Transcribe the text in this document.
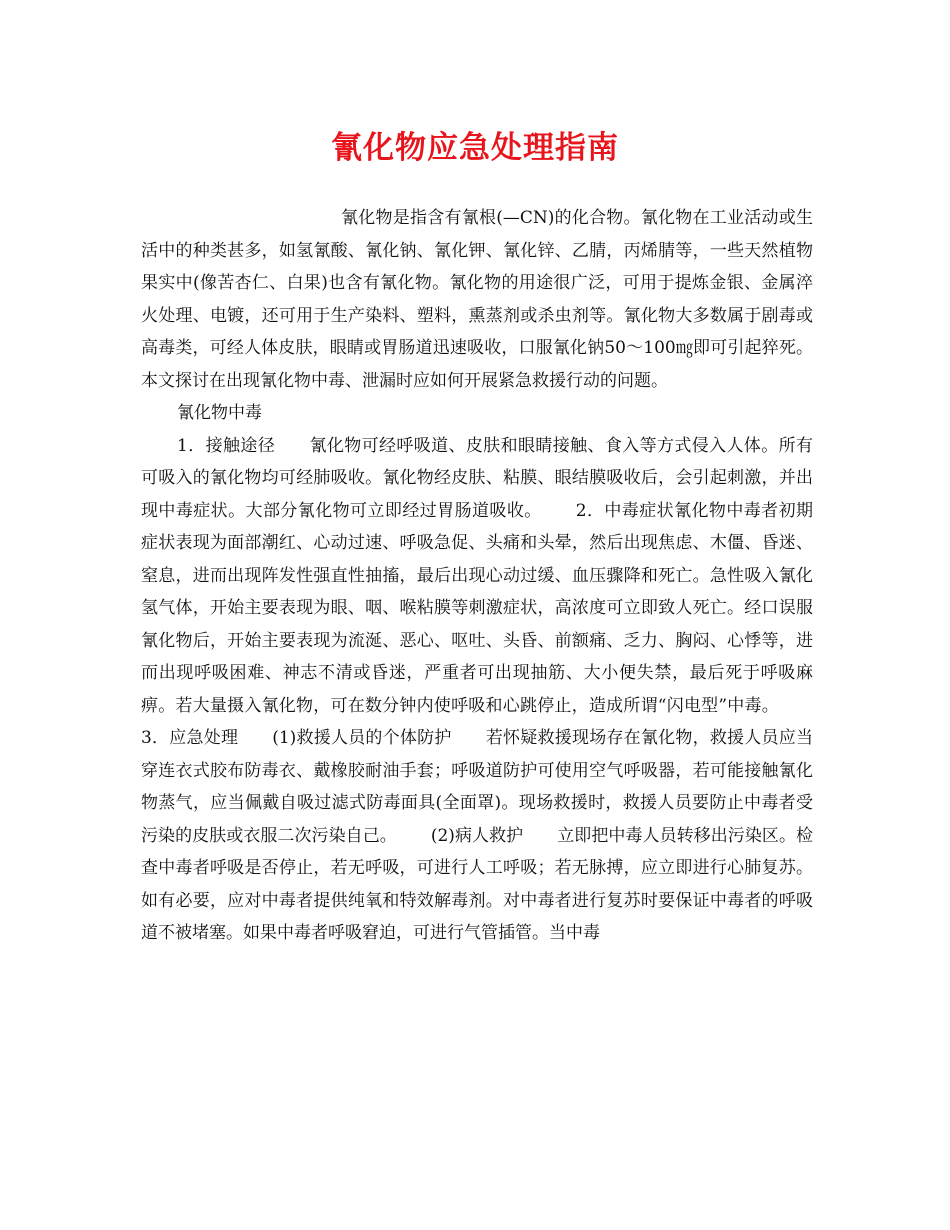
氰化物应急处理指南

氰化物是指含有氰根(—CN)的化合物。氰化物在工业活动或生活中的种类甚多，如氢氰酸、氰化钠、氰化钾、氰化锌、乙腈，丙烯腈等，一些天然植物果实中(像苦杏仁、白果)也含有氰化物。氰化物的用途很广泛，可用于提炼金银、金属淬火处理、电镀，还可用于生产染料、塑料，熏蒸剂或杀虫剂等。氰化物大多数属于剧毒或高毒类，可经人体皮肤，眼睛或胃肠道迅速吸收，口服氰化钠50～100㎎即可引起猝死。本文探讨在出现氰化物中毒、泄漏时应如何开展紧急救援行动的问题。

氰化物中毒

1．接触途径 氰化物可经呼吸道、皮肤和眼睛接触、食入等方式侵入人体。所有可吸入的氰化物均可经肺吸收。氰化物经皮肤、粘膜、眼结膜吸收后，会引起刺激，并出现中毒症状。大部分氰化物可立即经过胃肠道吸收。 2．中毒症状氰化物中毒者初期症状表现为面部潮红、心动过速、呼吸急促、头痛和头晕，然后出现焦虑、木僵、昏迷、窒息，进而出现阵发性强直性抽搐，最后出现心动过缓、血压骤降和死亡。急性吸入氰化氢气体，开始主要表现为眼、咽、喉粘膜等刺激症状，高浓度可立即致人死亡。经口误服氰化物后，开始主要表现为流涎、恶心、呕吐、头昏、前额痛、乏力、胸闷、心悸等，进而出现呼吸困难、神志不清或昏迷，严重者可出现抽筋、大小便失禁，最后死于呼吸麻痹。若大量摄入氰化物，可在数分钟内使呼吸和心跳停止，造成所谓“闪电型”中毒。3．应急处理 (1)救援人员的个体防护 若怀疑救援现场存在氰化物，救援人员应当穿连衣式胶布防毒衣、戴橡胶耐油手套；呼吸道防护可使用空气呼吸器，若可能接触氰化物蒸气，应当佩戴自吸过滤式防毒面具(全面罩)。现场救援时，救援人员要防止中毒者受污染的皮肤或衣服二次污染自己。 (2)病人救护 立即把中毒人员转移出污染区。检查中毒者呼吸是否停止，若无呼吸，可进行人工呼吸；若无脉搏，应立即进行心肺复苏。如有必要，应对中毒者提供纯氧和特效解毒剂。对中毒者进行复苏时要保证中毒者的呼吸道不被堵塞。如果中毒者呼吸窘迫，可进行气管插管。当中毒
